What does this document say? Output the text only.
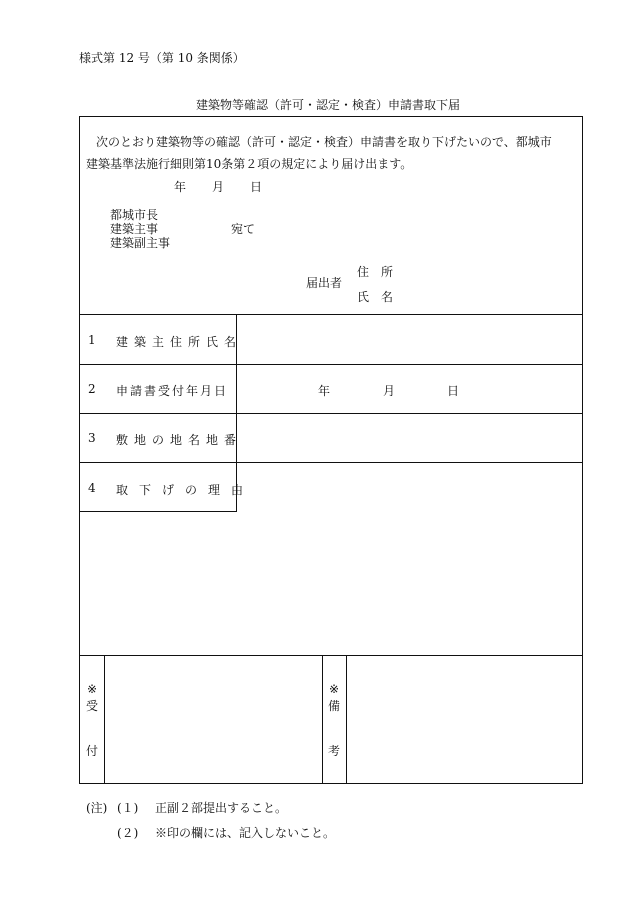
様式第 12 号（第 10 条関係）
建築物等確認（許可・認定・検査）申請書取下届
次のとおり建築物等の確認（許可・認定・検査）申請書を取り下げたいので、都城市
建築基準法施行細則第10条第２項の規定により届け出ます。
年 月 日
都城市長
建築主事
建築副主事
宛て
届出者
住　所
氏　名
1 建築主住所氏名
2 申請書受付年月日
3 敷地の地名地番
4 取下げの理由
年	月	日
※
受
付
※
備
考
(注) (１) 正副２部提出すること。
(２) ※印の欄には、記入しないこと。
